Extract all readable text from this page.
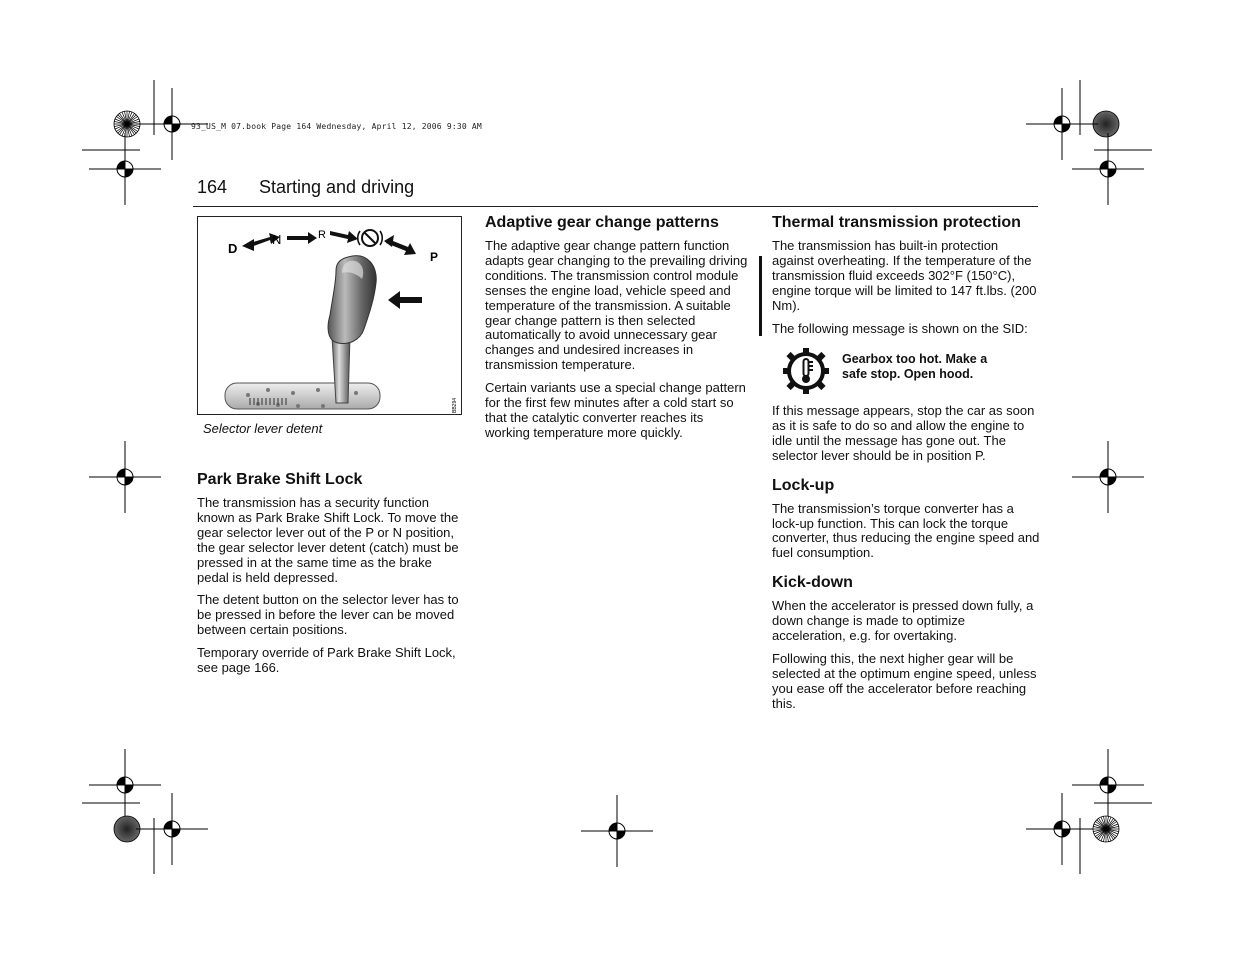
93_US_M 07.book Page 164 Wednesday, April 12, 2006 9:30 AM
164 Starting and driving
D
N	R
P
BB294
Selector lever detent
Park Brake Shift Lock

The transmission has a security function known as Park Brake Shift Lock. To move the gear selector lever out of the P or N position, the gear selector lever detent (catch) must be pressed in at the same time as the brake pedal is held depressed.

The detent button on the selector lever has to be pressed in before the lever can be moved between certain positions.

Temporary override of Park Brake Shift Lock, see page 166.

Adaptive gear change patterns

The adaptive gear change pattern function adapts gear changing to the prevailing driving conditions. The transmission control module senses the engine load, vehicle speed and temperature of the transmission. A suitable gear change pattern is then selected automatically to avoid unnecessary gear changes and undesired increases in transmission temperature.

Certain variants use a special change pattern for the first few minutes after a cold start so that the catalytic converter reaches its working temperature more quickly.

Thermal transmission protection

The transmission has built-in protection against overheating. If the temperature of the transmission fluid exceeds 302°F (150°C), engine torque will be limited to 147 ft.lbs. (200 Nm).

The following message is shown on the SID:

Gearbox too hot. Make a
safe stop. Open hood.

If this message appears, stop the car as soon as it is safe to do so and allow the engine to idle until the message has gone out. The selector lever should be in position P.

Lock-up

The transmission’s torque converter has a lock-up function. This can lock the torque converter, thus reducing the engine speed and fuel consumption.

Kick-down

When the accelerator is pressed down fully, a down change is made to optimize acceleration, e.g. for overtaking.

Following this, the next higher gear will be selected at the optimum engine speed, unless you ease off the accelerator before reaching this.
